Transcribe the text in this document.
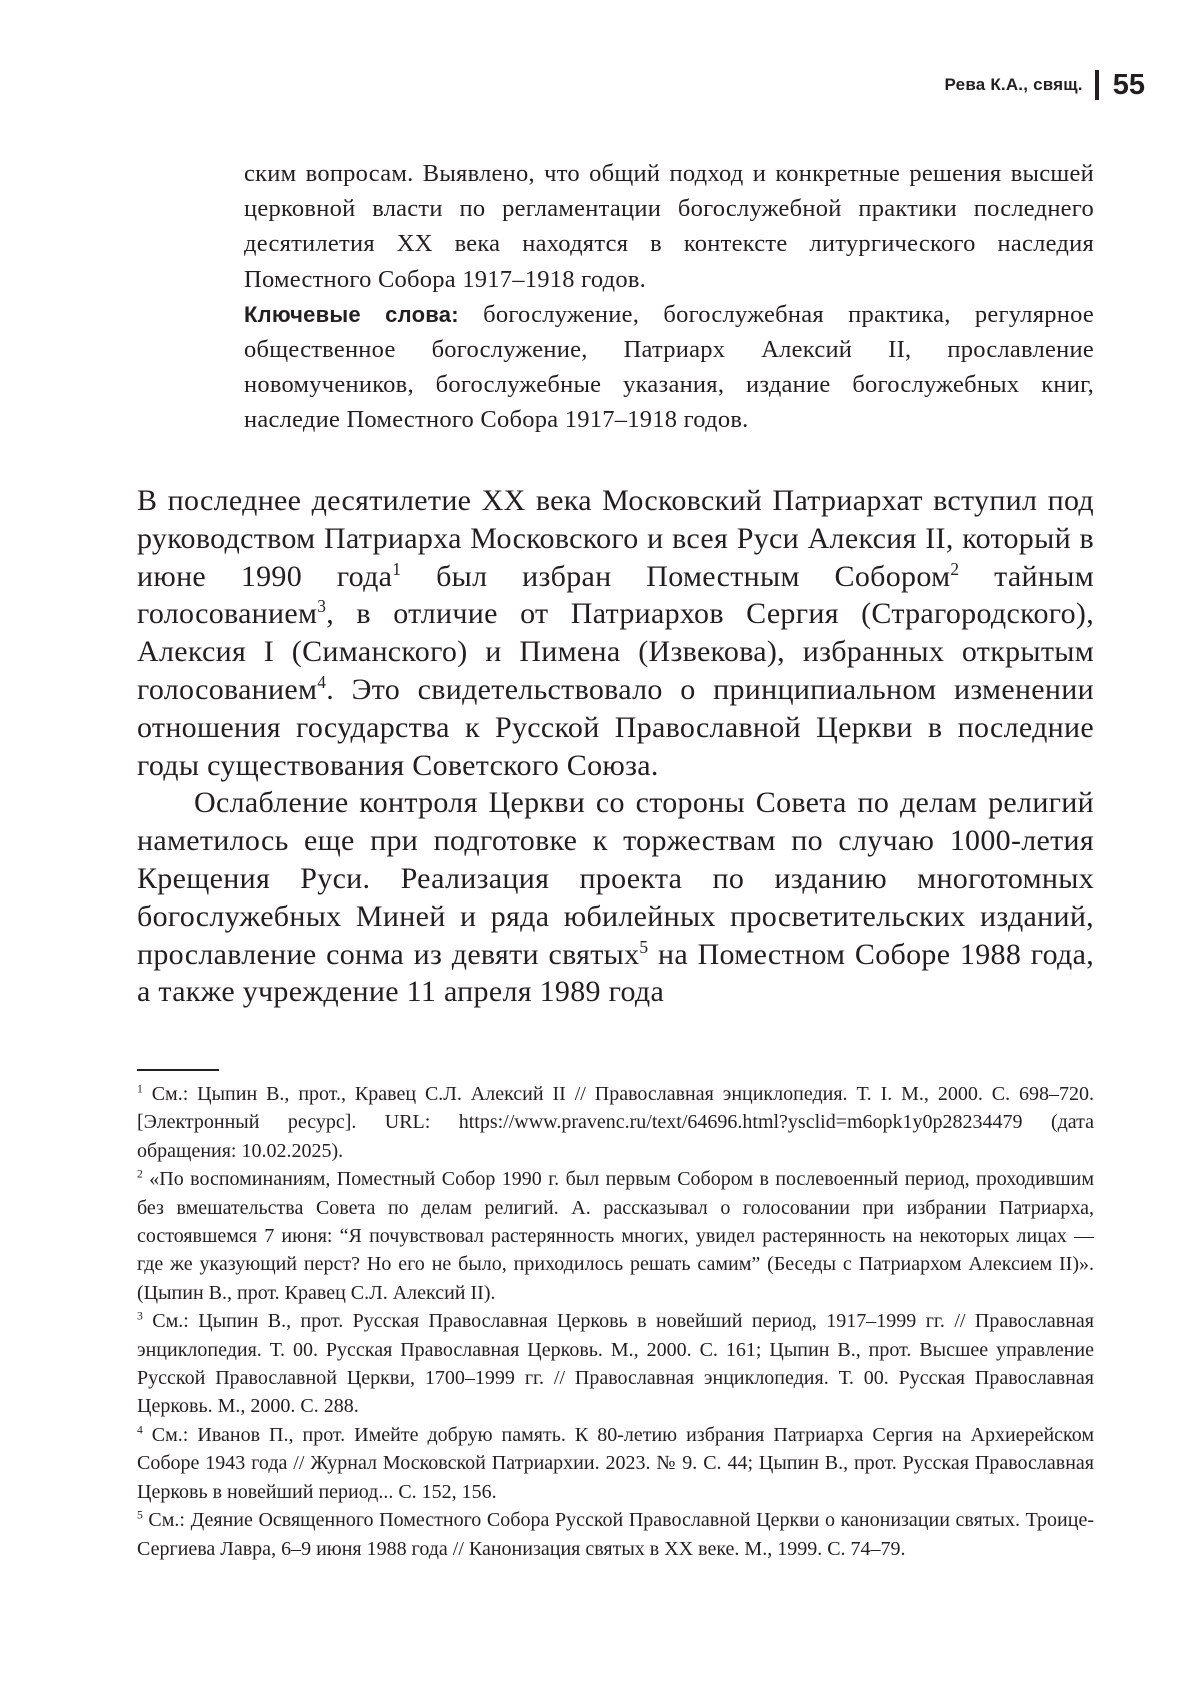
Рева К.А., свящ. 55

ским вопросам. Выявлено, что общий подход и конкретные решения высшей церковной власти по регламентации богослужебной практики последнего десятилетия XX века находятся в контексте литургического наследия Поместного Собора 1917–1918 годов.

Ключевые слова: богослужение, богослужебная практика, регулярное общественное богослужение, Патриарх Алексий II, прославление новомучеников, богослужебные указания, издание богослужебных книг, наследие Поместного Собора 1917–1918 годов.

В последнее десятилетие XX века Московский Патриархат вступил под руководством Патриарха Московского и всея Руси Алексия II, который в июне 1990 года$^1$ был избран Поместным Собором$^2$ тайным голосованием$^3$, в отличие от Патриархов Сергия (Страгородского), Алексия I (Симанского) и Пимена (Извекова), избранных открытым голосованием$^4$. Это свидетельствовало о принципиальном изменении отношения государства к Русской Православной Церкви в последние годы существования Советского Союза.

Ослабление контроля Церкви со стороны Совета по делам религий наметилось еще при подготовке к торжествам по случаю 1000-летия Крещения Руси. Реализация проекта по изданию многотомных богослужебных Миней и ряда юбилейных просветительских изданий, прославление сонма из девяти святых$^5$ на Поместном Соборе 1988 года, а также учреждение 11 апреля 1989 года

$^1$ См.: Цыпин В., прот., Кравец С.Л. Алексий II // Православная энциклопедия. Т. I. М., 2000. С. 698–720. [Электронный ресурс]. URL: https://www.pravenc.ru/text/64696.html?ysclid=m6opk1y0p28234479 (дата обращения: 10.02.2025).

$^2$ «По воспоминаниям, Поместный Собор 1990 г. был первым Собором в послевоенный период, проходившим без вмешательства Совета по делам религий. А. рассказывал о голосовании при избрании Патриарха, состоявшемся 7 июня: “Я почувствовал растерянность многих, увидел растерянность на некоторых лицах — где же указующий перст? Но его не было, приходилось решать самим” (Беседы с Патриархом Алексием II)». (Цыпин В., прот. Кравец С.Л. Алексий II).

$^3$ См.: Цыпин В., прот. Русская Православная Церковь в новейший период, 1917–1999 гг. // Православная энциклопедия. Т. 00. Русская Православная Церковь. М., 2000. С. 161; Цыпин В., прот. Высшее управление Русской Православной Церкви, 1700–1999 гг. // Православная энциклопедия. Т. 00. Русская Православная Церковь. М., 2000. С. 288.

$^4$ См.: Иванов П., прот. Имейте добрую память. К 80-летию избрания Патриарха Сергия на Архиерейском Соборе 1943 года // Журнал Московской Патриархии. 2023. № 9. С. 44; Цыпин В., прот. Русская Православная Церковь в новейший период... С. 152, 156.

$^5$ См.: Деяние Освященного Поместного Собора Русской Православной Церкви о канонизации святых. Троице-Сергиева Лавра, 6–9 июня 1988 года // Канонизация святых в XX веке. М., 1999. С. 74–79.
